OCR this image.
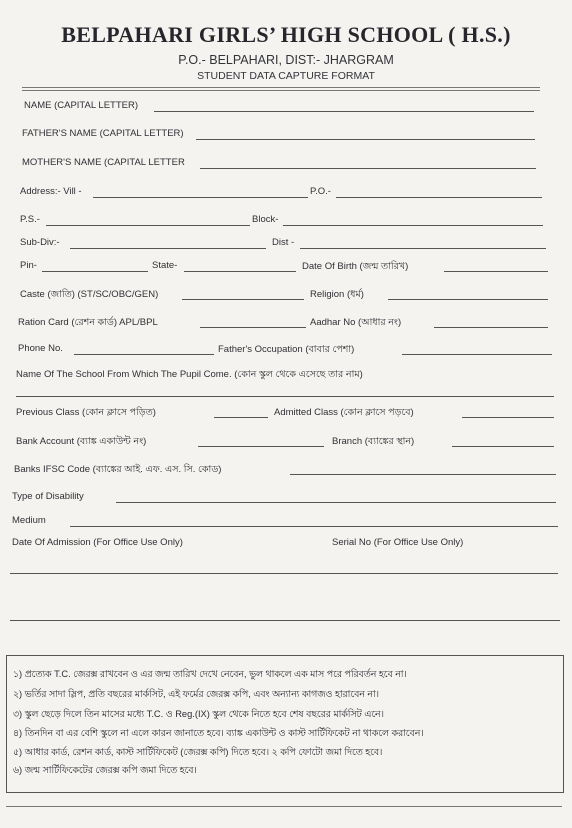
BELPAHARI GIRLS’ HIGH SCHOOL ( H.S.)
P.O.- BELPAHARI, DIST:- JHARGRAM
STUDENT DATA CAPTURE FORMAT
NAME (CAPITAL LETTER)
FATHER'S NAME (CAPITAL LETTER)
MOTHER'S NAME (CAPITAL LETTER
Address:- Vill -	P.O.-
P.S.-	Block-
Sub-Div:-	Dist -
Pin-	State-	Date Of Birth (জন্ম তারিখ)
Caste (জাতি) (ST/SC/OBC/GEN)	Religion (ধর্ম)
Ration Card (রেশন কার্ড) APL/BPL	Aadhar No (আধার নং)
Phone No.	Father's Occupation (বাবার পেশা)
Name Of The School From Which The Pupil Come. (কোন স্কুল থেকে এসেছে তার নাম)
Previous Class (কোন ক্লাসে পড়িত)	Admitted Class (কোন ক্লাসে পড়বে)
Bank Account (ব্যাঙ্ক একাউন্ট নং)	Branch (ব্যাঙ্কের স্থান)
Banks IFSC Code (ব্যাঙ্কের আই. এফ. এস. সি. কোড)
Type of Disability
Medium
Date Of Admission (For Office Use Only)	Serial No (For Office Use Only)
১) প্রত্যেক T.C. জেরক্স রাখবেন ও এর জন্ম তারিখ দেখে নেবেন, ভুল থাকলে এক মাস পরে পরিবর্তন হবে না।
২) ভর্তির সাদা স্লিপ, প্রতি বছরের মার্কসিট, এই ফর্মের জেরক্স কপি, এবং অন্যান্য কাগজও হারাবেন না।
৩) স্কুল ছেড়ে দিলে তিন মাসের মধ্যে T.C. ও Reg.(IX) স্কুল থেকে নিতে হবে শেষ বছরের মার্কসিট এনে।
৪) তিনদিন বা এর বেশি স্কুলে না এলে কারন জানাতে হবে। ব্যাঙ্ক একাউন্ট ও কাস্ট সার্টিফিকেট না থাকলে করাবেন।
৫) আধার কার্ড, রেশন কার্ড, কাস্ট সার্টিফিকেট (জেরক্স কপি) দিতে হবে। ২ কপি ফোটো জমা দিতে হবে।
৬) জন্ম সার্টিফিকেটের জেরক্স কপি জমা দিতে হবে।
